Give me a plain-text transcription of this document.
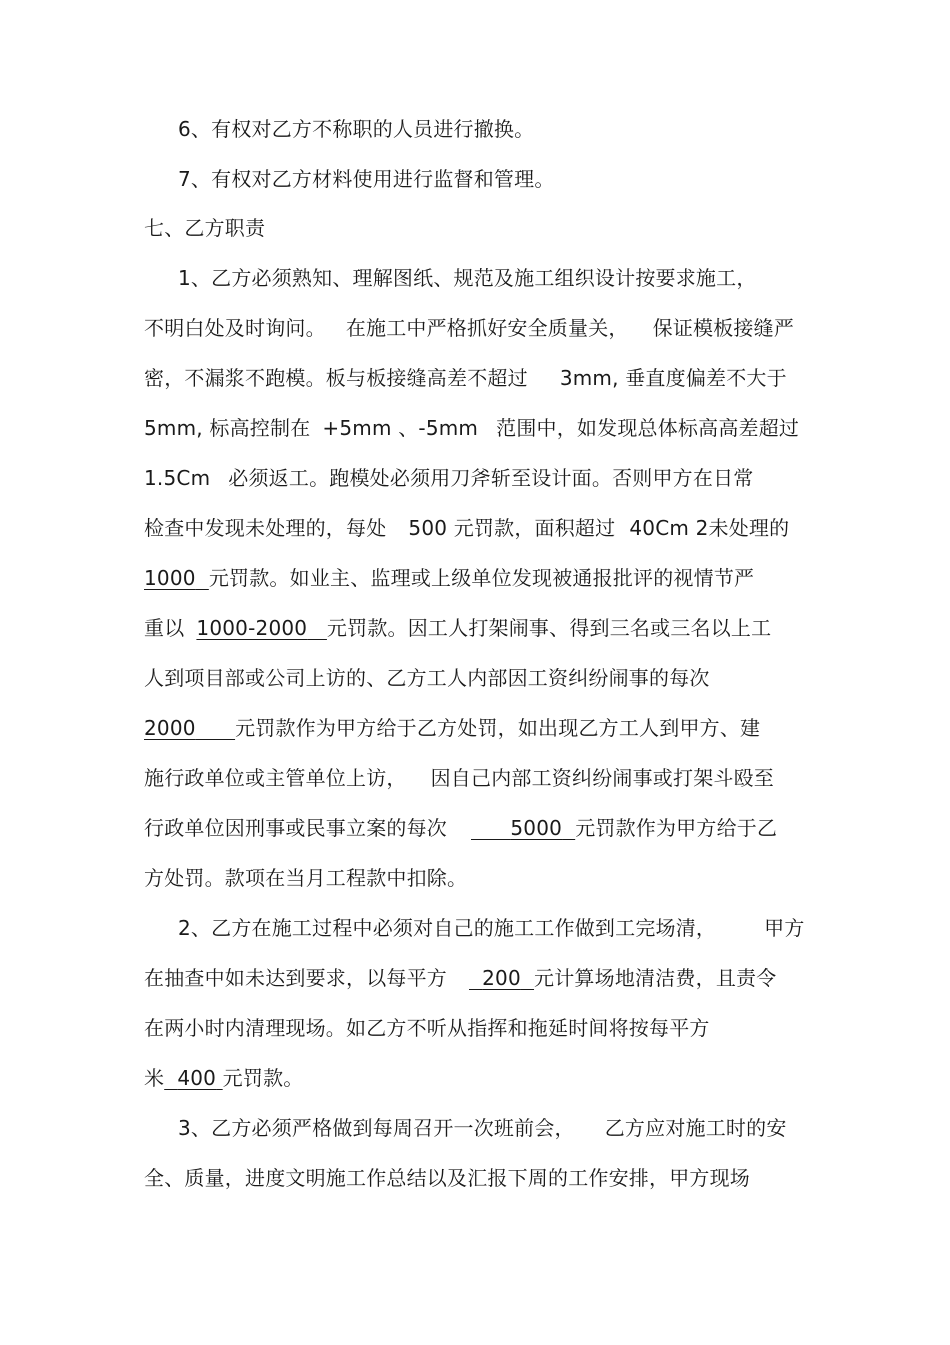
6、有权对乙方不称职的人员进行撤换。
7、有权对乙方材料使用进行监督和管理。
七、乙方职责
1、乙方必须熟知、理解图纸、规范及施工组织设计按要求施工，
不明白处及时询问。 在施工中严格抓好安全质量关， 保证模板接缝严
密，不漏浆不跑模。板与板接缝高差不超过 3mm, 垂直度偏差不大于
5mm, 标高控制在 +5mm 、-5mm 范围中，如发现总体标高高差超过
1.5Cm 必须返工。跑模处必须用刀斧斩至设计面。否则甲方在日常
检查中发现未处理的，每处 500 元罚款，面积超过 40Cm 2未处理的
1000 元罚款。如业主、监理或上级单位发现被通报批评的视情节严
重以 1000-2000 元罚款。因工人打架闹事、得到三名或三名以上工
人到项目部或公司上访的、乙方工人内部因工资纠纷闹事的每次
2000 元罚款作为甲方给于乙方处罚，如出现乙方工人到甲方、建
施行政单位或主管单位上访， 因自己内部工资纠纷闹事或打架斗殴至
行政单位因刑事或民事立案的每次	5000 元罚款作为甲方给于乙
方处罚。款项在当月工程款中扣除。
2、乙方在施工过程中必须对自己的施工工作做到工完场清， 甲方
在抽查中如未达到要求，以每平方 200 元计算场地清洁费，且责令
在两小时内清理现场。如乙方不听从指挥和拖延时间将按每平方
米 400 元罚款。
3、乙方必须严格做到每周召开一次班前会， 乙方应对施工时的安
全、质量，进度文明施工作总结以及汇报下周的工作安排，甲方现场
